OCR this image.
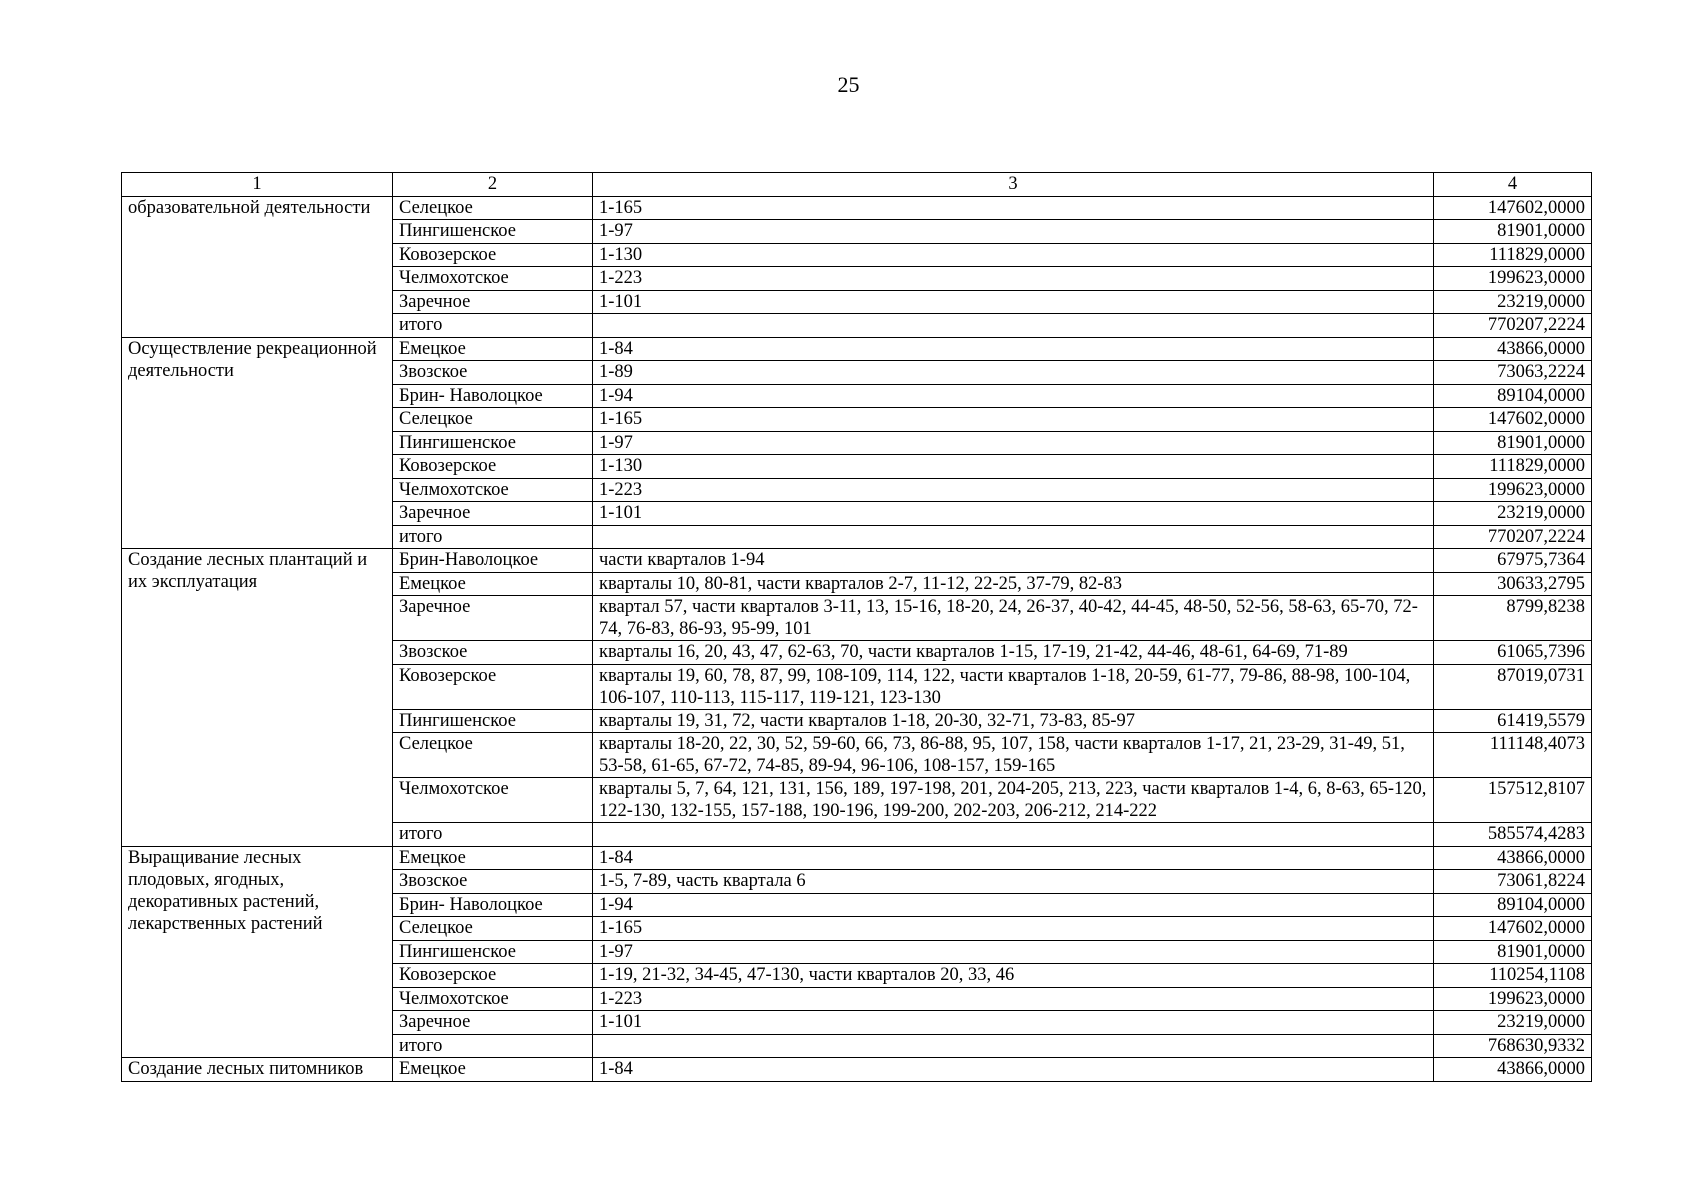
25
1	2	3	4
образовательной деятельности	Селецкое	1-165	147602,0000
	Пингишенское	1-97	81901,0000
	Ковозерское	1-130	111829,0000
	Челмохотское	1-223	199623,0000
	Заречное	1-101	23219,0000
	итого		770207,2224
Осуществление рекреационной деятельности	Емецкое	1-84	43866,0000
	Звозское	1-89	73063,2224
	Брин- Наволоцкое	1-94	89104,0000
	Селецкое	1-165	147602,0000
	Пингишенское	1-97	81901,0000
	Ковозерское	1-130	111829,0000
	Челмохотское	1-223	199623,0000
	Заречное	1-101	23219,0000
	итого		770207,2224
Создание лесных плантаций и их эксплуатация	Брин-Наволоцкое	части кварталов 1-94	67975,7364
	Емецкое	кварталы 10, 80-81, части кварталов 2-7, 11-12, 22-25, 37-79, 82-83	30633,2795
	Заречное	квартал 57, части кварталов 3-11, 13, 15-16, 18-20, 24, 26-37, 40-42, 44-45, 48-50, 52-56, 58-63, 65-70, 72-74, 76-83, 86-93, 95-99, 101	8799,8238
	Звозское	кварталы 16, 20, 43, 47, 62-63, 70, части кварталов 1-15, 17-19, 21-42, 44-46, 48-61, 64-69, 71-89	61065,7396
	Ковозерское	кварталы 19, 60, 78, 87, 99, 108-109, 114, 122, части кварталов 1-18, 20-59, 61-77, 79-86, 88-98, 100-104, 106-107, 110-113, 115-117, 119-121, 123-130	87019,0731
	Пингишенское	кварталы 19, 31, 72, части кварталов 1-18, 20-30, 32-71, 73-83, 85-97	61419,5579
	Селецкое	кварталы 18-20, 22, 30, 52, 59-60, 66, 73, 86-88, 95, 107, 158, части кварталов 1-17, 21, 23-29, 31-49, 51, 53-58, 61-65, 67-72, 74-85, 89-94, 96-106, 108-157, 159-165	111148,4073
	Челмохотское	кварталы 5, 7, 64, 121, 131, 156, 189, 197-198, 201, 204-205, 213, 223, части кварталов 1-4, 6, 8-63, 65-120, 122-130, 132-155, 157-188, 190-196, 199-200, 202-203, 206-212, 214-222	157512,8107
	итого		585574,4283
Выращивание лесных плодовых, ягодных, декоративных растений, лекарственных растений	Емецкое	1-84	43866,0000
	Звозское	1-5, 7-89, часть квартала 6	73061,8224
	Брин- Наволоцкое	1-94	89104,0000
	Селецкое	1-165	147602,0000
	Пингишенское	1-97	81901,0000
	Ковозерское	1-19, 21-32, 34-45, 47-130, части кварталов 20, 33, 46	110254,1108
	Челмохотское	1-223	199623,0000
	Заречное	1-101	23219,0000
	итого		768630,9332
Создание лесных питомников	Емецкое	1-84	43866,0000
